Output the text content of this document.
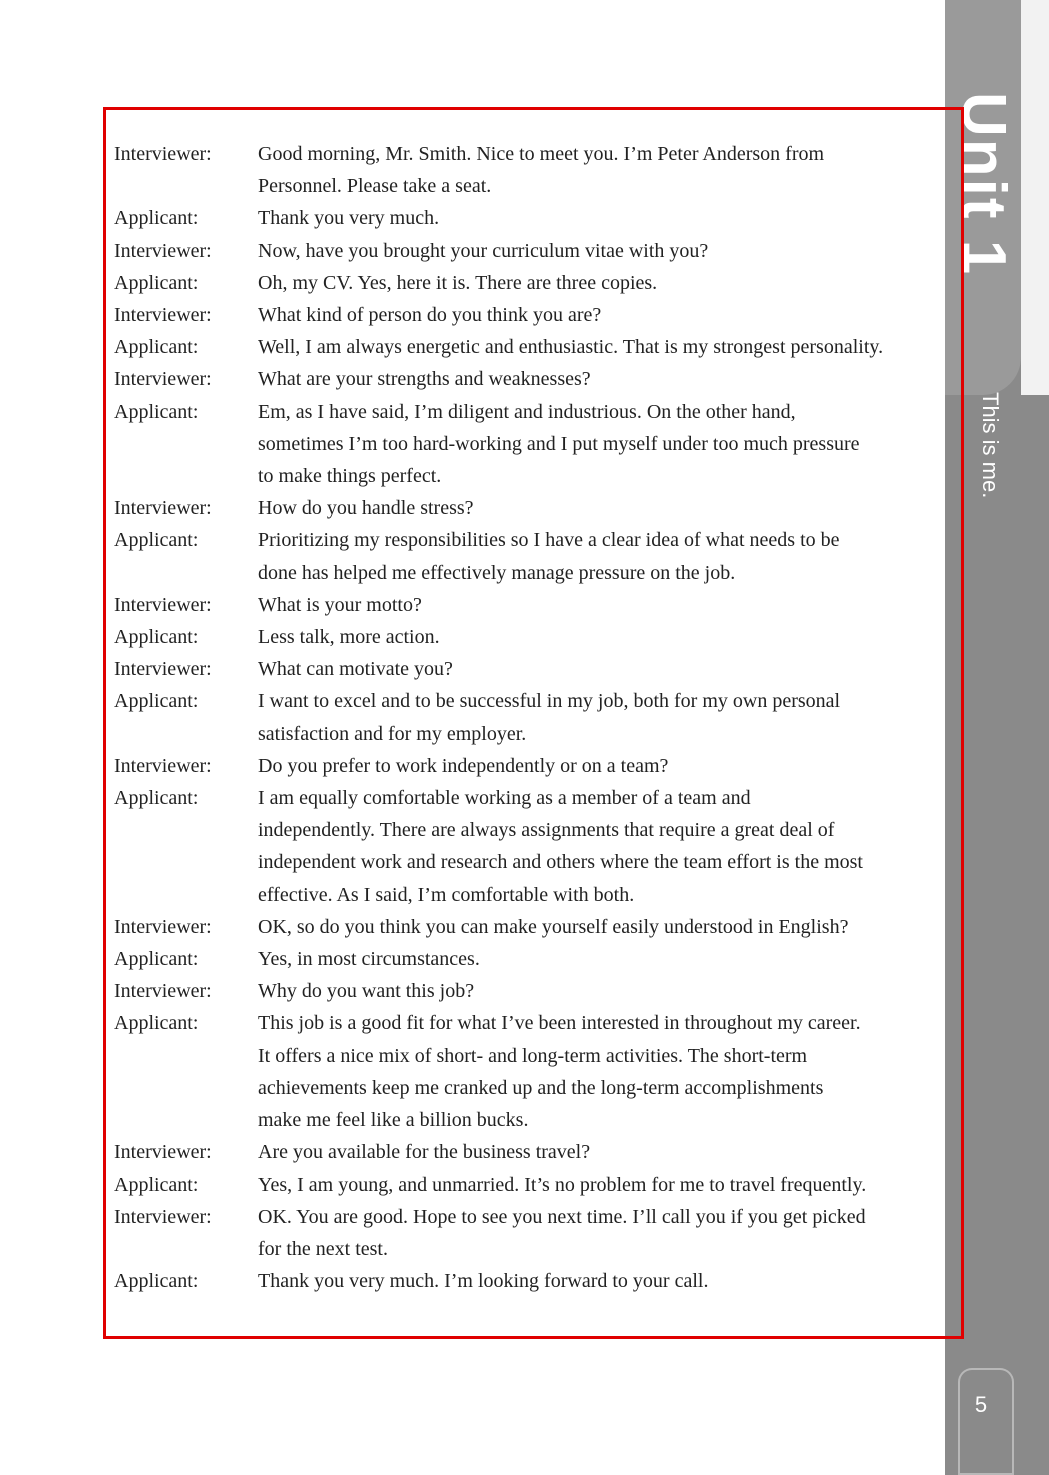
Unit 1
This is me.
5
Interviewer:	Good morning, Mr. Smith. Nice to meet you. I’m Peter Anderson from
Personnel. Please take a seat.
Applicant:	Thank you very much.
Interviewer:	Now, have you brought your curriculum vitae with you?
Applicant:	Oh, my CV. Yes, here it is. There are three copies.
Interviewer:	What kind of person do you think you are?
Applicant:	Well, I am always energetic and enthusiastic. That is my strongest personality.
Interviewer:	What are your strengths and weaknesses?
Applicant:	Em, as I have said, I’m diligent and industrious. On the other hand,
sometimes I’m too hard-working and I put myself under too much pressure
to make things perfect.
Interviewer:	How do you handle stress?
Applicant:	Prioritizing my responsibilities so I have a clear idea of what needs to be
done has helped me effectively manage pressure on the job.
Interviewer:	What is your motto?
Applicant:	Less talk, more action.
Interviewer:	What can motivate you?
Applicant:	I want to excel and to be successful in my job, both for my own personal
satisfaction and for my employer.
Interviewer:	Do you prefer to work independently or on a team?
Applicant:	I am equally comfortable working as a member of a team and
independently. There are always assignments that require a great deal of
independent work and research and others where the team effort is the most
effective. As I said, I’m comfortable with both.
Interviewer:	OK, so do you think you can make yourself easily understood in English?
Applicant:	Yes, in most circumstances.
Interviewer:	Why do you want this job?
Applicant:	This job is a good fit for what I’ve been interested in throughout my career.
It offers a nice mix of short- and long-term activities. The short-term
achievements keep me cranked up and the long-term accomplishments
make me feel like a billion bucks.
Interviewer:	Are you available for the business travel?
Applicant:	Yes, I am young, and unmarried. It’s no problem for me to travel frequently.
Interviewer:	OK. You are good. Hope to see you next time. I’ll call you if you get picked
for the next test.
Applicant:	Thank you very much. I’m looking forward to your call.
